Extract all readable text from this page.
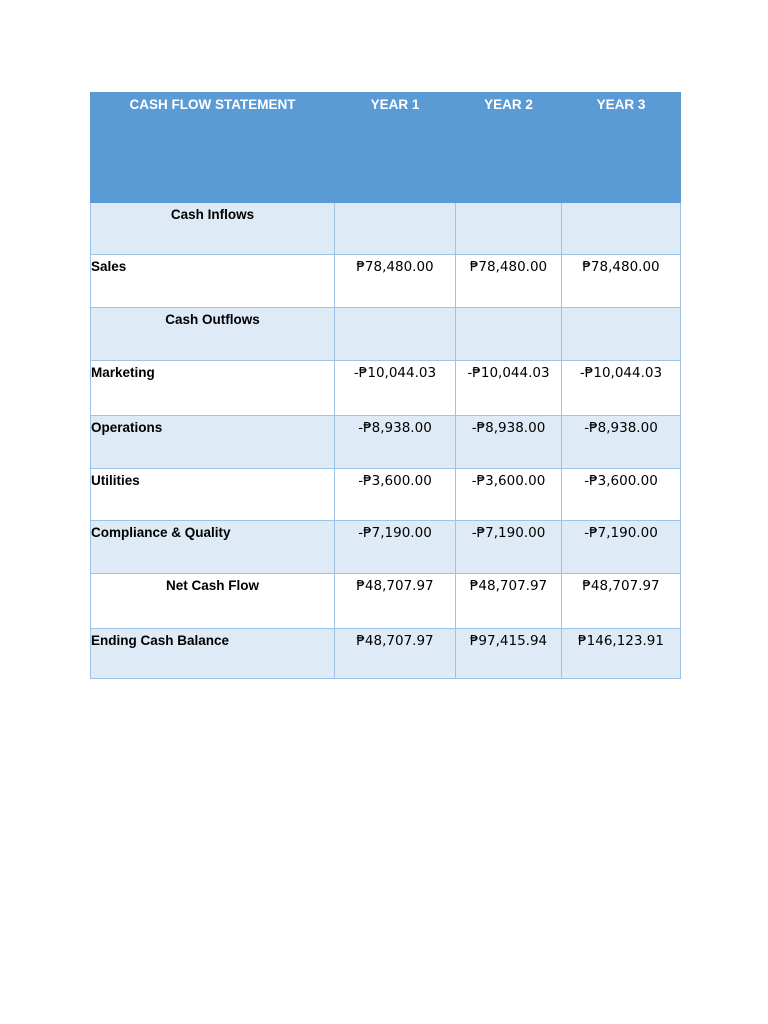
CASH FLOW STATEMENT	YEAR 1	YEAR 2	YEAR 3
Cash Inflows			
Sales	₱78,480.00	₱78,480.00	₱78,480.00
Cash Outflows			
Marketing	-₱10,044.03	-₱10,044.03	-₱10,044.03
Operations	-₱8,938.00	-₱8,938.00	-₱8,938.00
Utilities	-₱3,600.00	-₱3,600.00	-₱3,600.00
Compliance & Quality	-₱7,190.00	-₱7,190.00	-₱7,190.00
Net Cash Flow	₱48,707.97	₱48,707.97	₱48,707.97
Ending Cash Balance	₱48,707.97	₱97,415.94	₱146,123.91
